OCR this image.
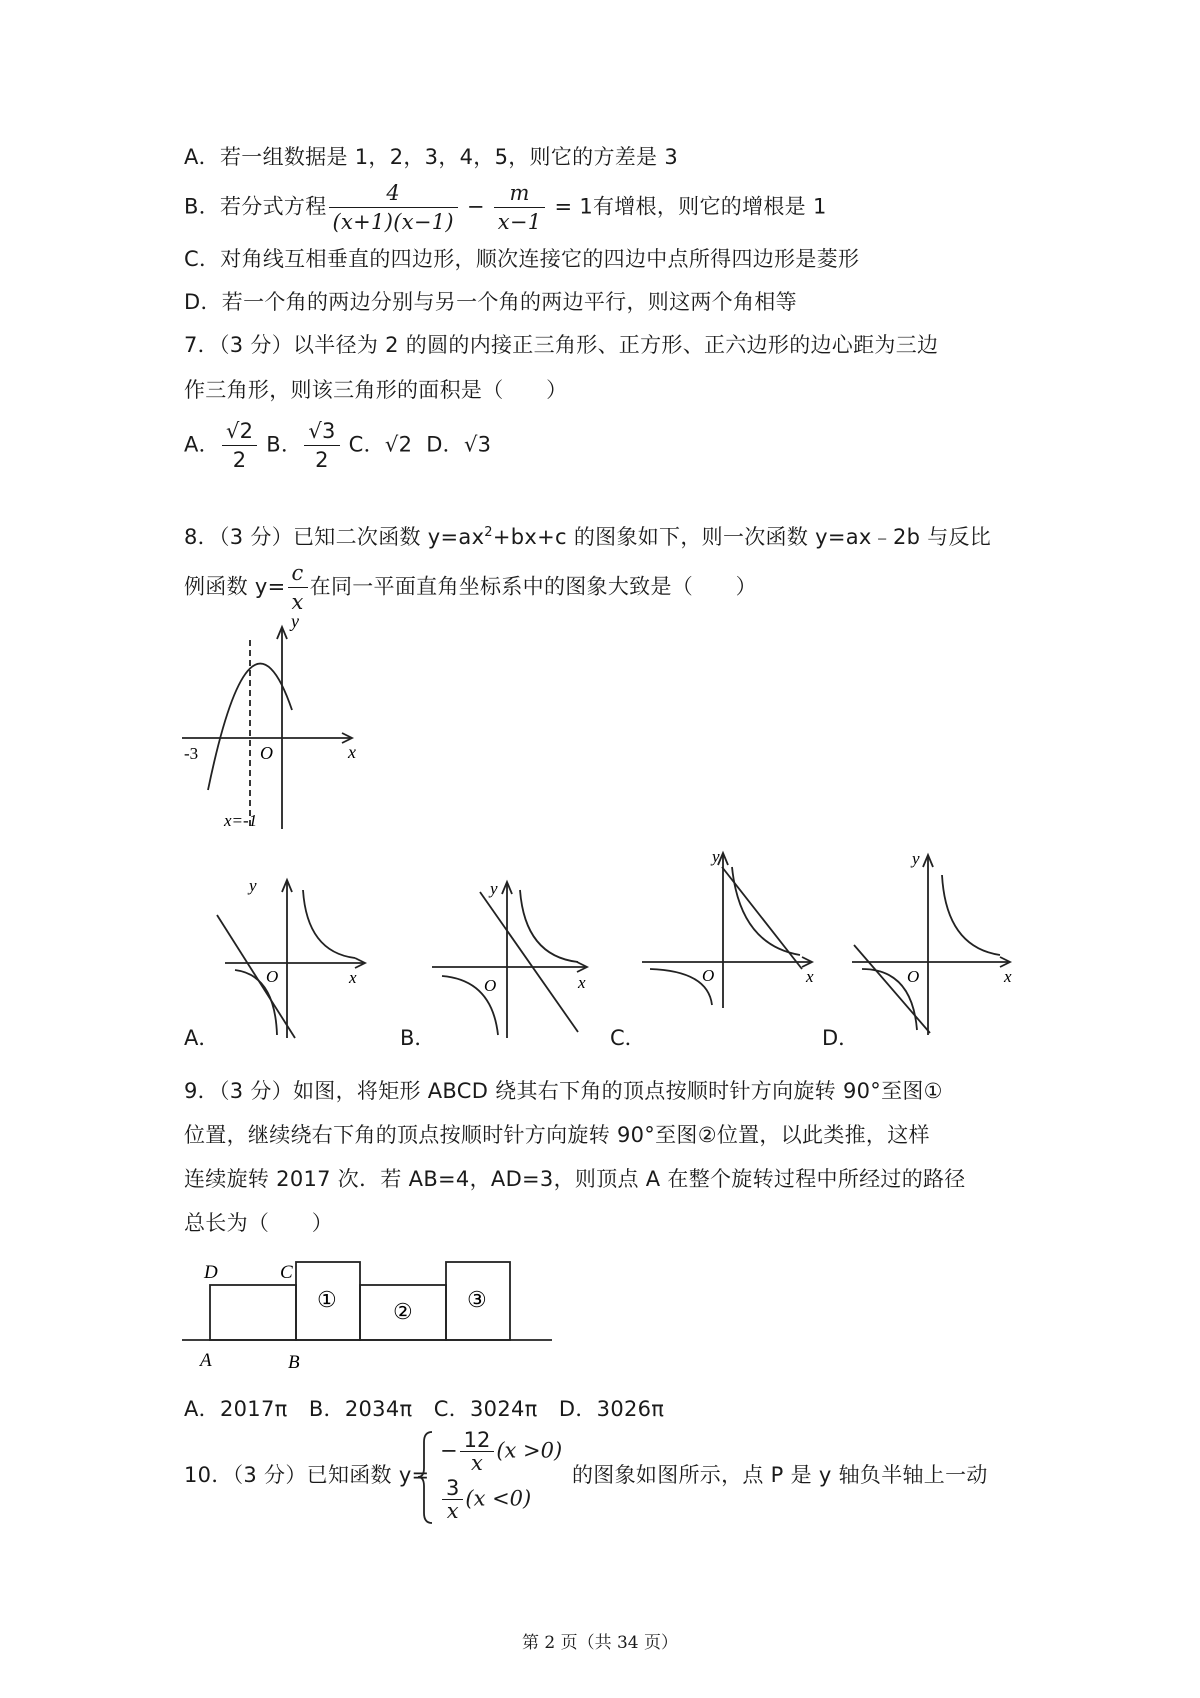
A．若一组数据是 1，2，3，4，5，则它的方差是 3
B．若分式方程 $\frac{4}{(x+1)(x-1)} - \frac{m}{x-1} = 1$有增根，则它的增根是 1
C．对角线互相垂直的四边形，顺次连接它的四边中点所得四边形是菱形
D．若一个角的两边分别与另一个角的两边平行，则这两个角相等
7．（3 分）以半径为 2 的圆的内接正三角形、正方形、正六边形的边心距为三边
作三角形，则该三角形的面积是（　　）
A． $\frac{√2}{2}$ B． $\frac{√3}{2}$ C．√2 D．√3
8．（3 分）已知二次函数 $y=ax^2+bx+c$ 的图象如下，则一次函数 y=ax﹣2b 与反比
例函数 $y= \frac{c}{x}$ 在同一平面直角坐标系中的图象大致是（　　）
y
x
O
-3
x=-1
y
x
O
y
x
O
y
x
O
y
x
O
A．	B．	C．	D．
9．（3 分）如图，将矩形 ABCD 绕其右下角的顶点按顺时针方向旋转 90°至图①
位置，继续绕右下角的顶点按顺时针方向旋转 90°至图②位置，以此类推，这样
连续旋转 2017 次．若 AB=4，AD=3，则顶点 A 在整个旋转过程中所经过的路径
总长为（　　）
D	C
A	B
①	② ③
A．2017π　B．2034π　C．3024π　D．3026π
10．（3 分）已知函数 y=
− $\frac{12}{x} (x >0)$
$\frac{3}{x} (x <0)$
的图象如图所示，点 P 是 y 轴负半轴上一动
第 2 页（共 34 页）
